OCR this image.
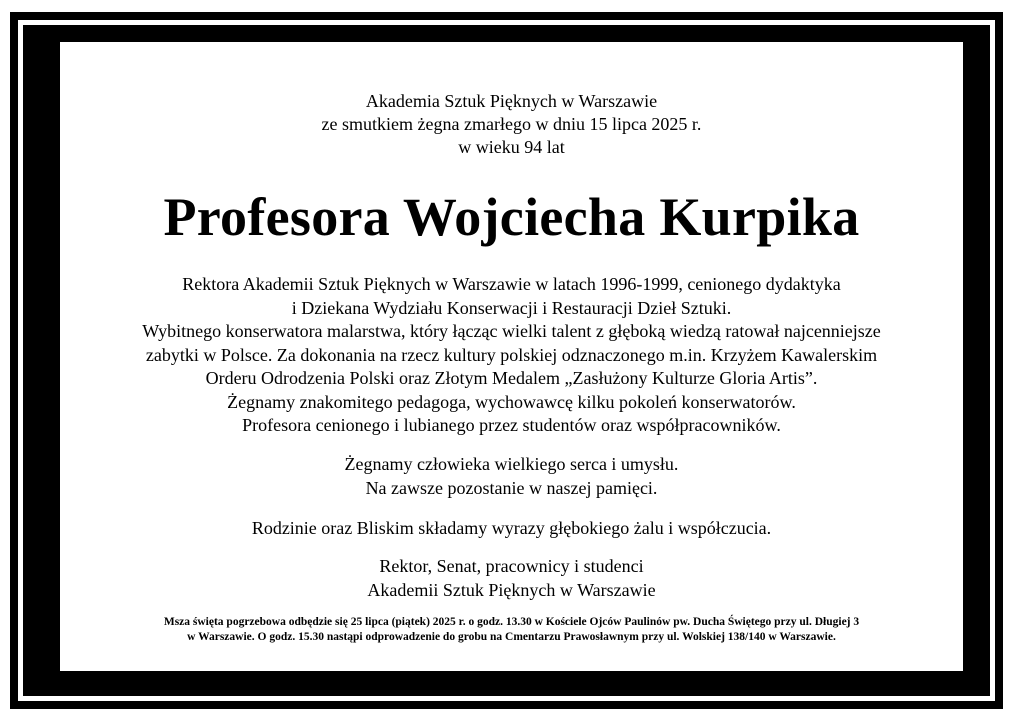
Akademia Sztuk Pięknych w Warszawie
ze smutkiem żegna zmarłego w dniu 15 lipca 2025 r.
w wieku 94 lat
Profesora Wojciecha Kurpika
Rektora Akademii Sztuk Pięknych w Warszawie w latach 1996-1999, cenionego dydaktyka
i Dziekana Wydziału Konserwacji i Restauracji Dzieł Sztuki.
Wybitnego konserwatora malarstwa, który łącząc wielki talent z głęboką wiedzą ratował najcenniejsze
zabytki w Polsce. Za dokonania na rzecz kultury polskiej odznaczonego m.in. Krzyżem Kawalerskim
Orderu Odrodzenia Polski oraz Złotym Medalem „Zasłużony Kulturze Gloria Artis”.
Żegnamy znakomitego pedagoga, wychowawcę kilku pokoleń konserwatorów.
Profesora cenionego i lubianego przez studentów oraz współpracowników.
Żegnamy człowieka wielkiego serca i umysłu.
Na zawsze pozostanie w naszej pamięci.
Rodzinie oraz Bliskim składamy wyrazy głębokiego żalu i współczucia.
Rektor, Senat, pracownicy i studenci
Akademii Sztuk Pięknych w Warszawie
Msza święta pogrzebowa odbędzie się 25 lipca (piątek) 2025 r. o godz. 13.30 w Kościele Ojców Paulinów pw. Ducha Świętego przy ul. Długiej 3
w Warszawie. O godz. 15.30 nastąpi odprowadzenie do grobu na Cmentarzu Prawosławnym przy ul. Wolskiej 138/140 w Warszawie.
